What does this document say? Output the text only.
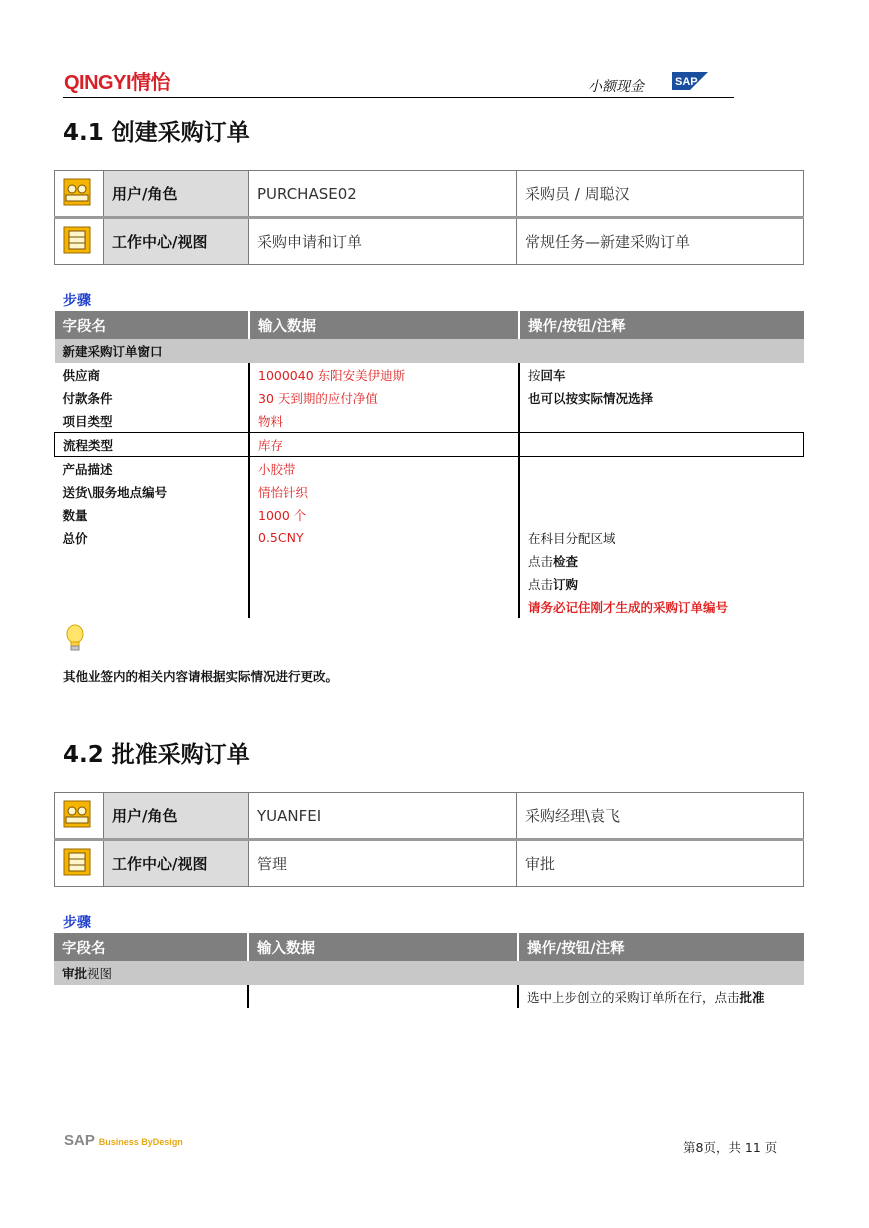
QINGYI情怡	小额现金	SAP
4.1 创建采购订单
	用户/角色	PURCHASE02	采购员 / 周聪汉
	工作中心/视图	采购申请和订单	常规任务—新建采购订单
步骤
字段名	输入数据	操作/按钮/注释
新建采购订单窗口		
供应商	1000040 东阳安美伊迪斯	按回车
付款条件	30 天到期的应付净值	也可以按实际情况选择
项目类型	物料	
流程类型	库存	
产品描述	小胶带	
送货\服务地点编号	情怡针织	
数量	1000 个	
总价	0.5CNY	在科目分配区域
		点击检查
		点击订购
		请务必记住刚才生成的采购订单编号
其他业签内的相关内容请根据实际情况进行更改。
4.2 批准采购订单
	用户/角色	YUANFEI	采购经理\袁飞
	工作中心/视图	管理	审批
步骤
字段名	输入数据	操作/按钮/注释
审批视图		
		选中上步创立的采购订单所在行，点击批准
SAP Business ByDesign	第8页，共 11 页
